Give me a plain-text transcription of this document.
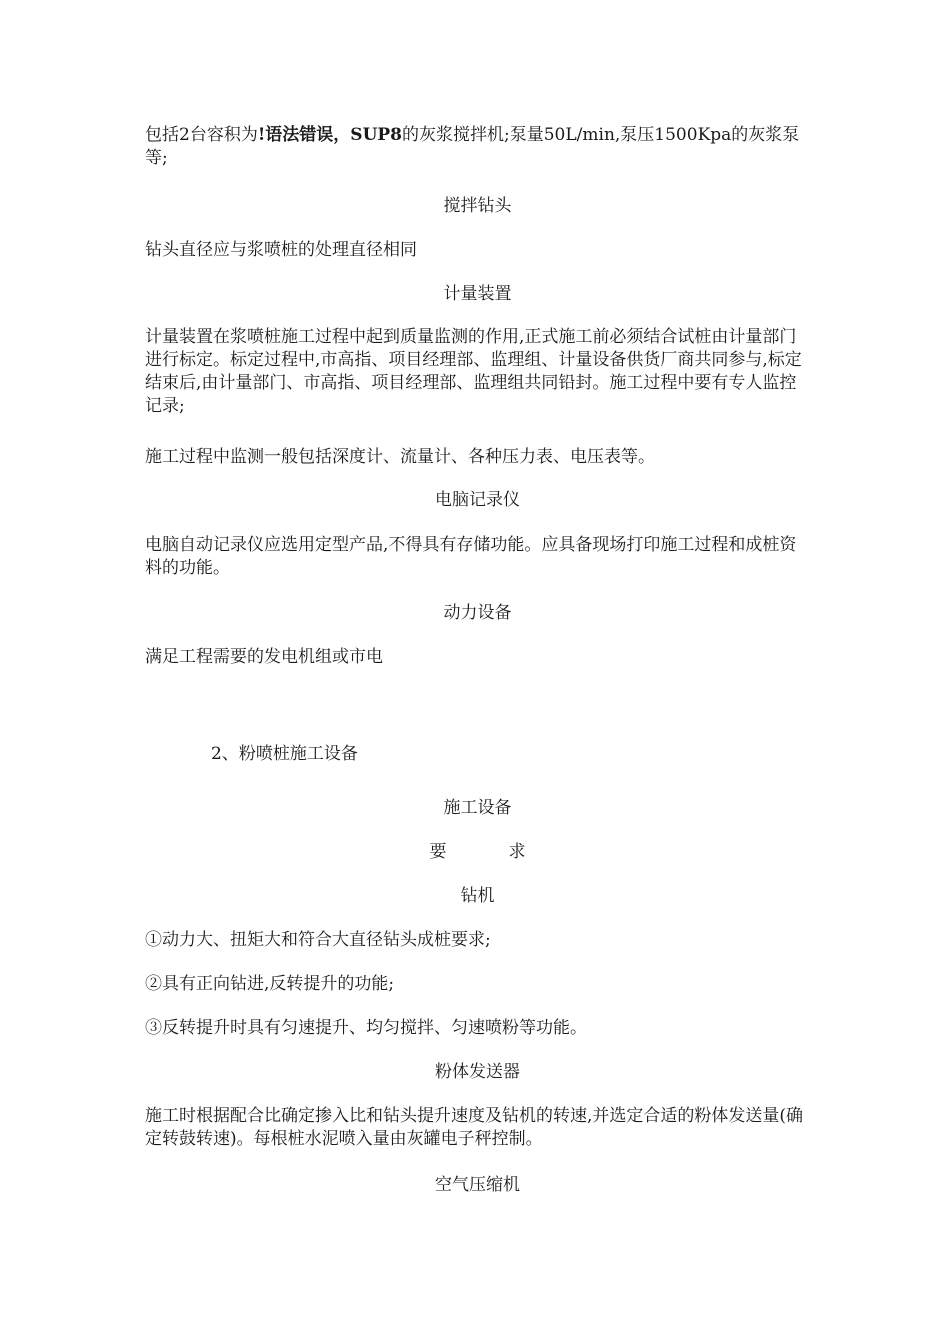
包括2台容积为!语法错误，SUP8的灰浆搅拌机;泵量50L/min,泵压1500Kpa的灰浆泵等;

搅拌钻头

钻头直径应与浆喷桩的处理直径相同

计量装置

计量装置在浆喷桩施工过程中起到质量监测的作用,正式施工前必须结合试桩由计量部门进行标定。标定过程中,市高指、项目经理部、监理组、计量设备供货厂商共同参与,标定结束后,由计量部门、市高指、项目经理部、监理组共同铅封。施工过程中要有专人监控记录;

施工过程中监测一般包括深度计、流量计、各种压力表、电压表等。

电脑记录仪

电脑自动记录仪应选用定型产品,不得具有存储功能。应具备现场打印施工过程和成桩资料的功能。

动力设备

满足工程需要的发电机组或市电

2、粉喷桩施工设备

施工设备

要	求

钻机

①动力大、扭矩大和符合大直径钻头成桩要求;

②具有正向钻进,反转提升的功能;

③反转提升时具有匀速提升、均匀搅拌、匀速喷粉等功能。

粉体发送器

施工时根据配合比确定掺入比和钻头提升速度及钻机的转速,并选定合适的粉体发送量(确定转鼓转速)。每根桩水泥喷入量由灰罐电子秤控制。

空气压缩机
